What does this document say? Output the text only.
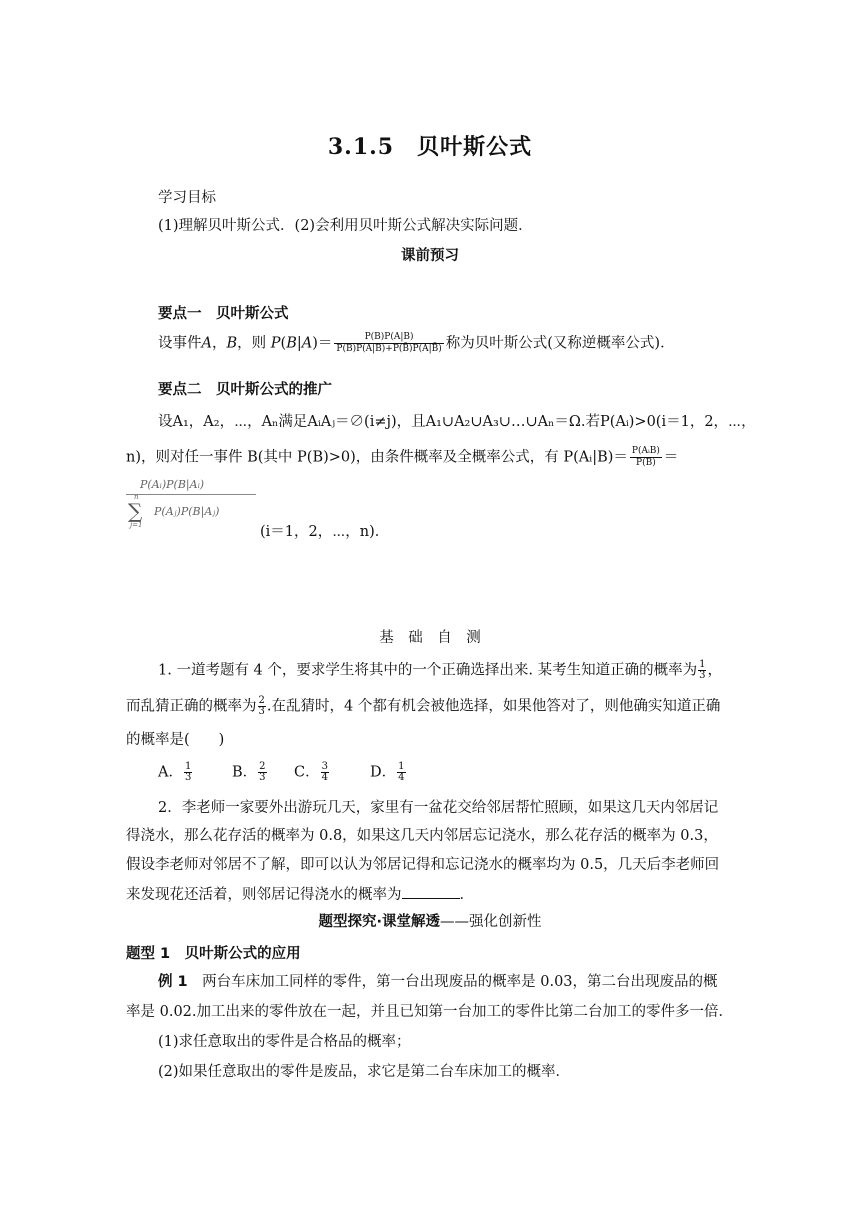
3.1.5　贝叶斯公式
学习目标
(1)理解贝叶斯公式．(2)会利用贝叶斯公式解决实际问题．
课前预习
要点一　贝叶斯公式
设事件A，B，则 $P(B|A)= \frac{P(B)P(A|B)}{P(B)P(A|B)+P(B̄)P(A|B̄)}$ 称为贝叶斯公式(又称逆概率公式)．
要点二　贝叶斯公式的推广
设A₁，A₂，⋯，Aₙ满足AᵢAⱼ＝∅(i≠j)，且A₁∪A₂∪A₃∪…∪Aₙ＝Ω.若P(Aᵢ)>0(i＝1，2，⋯，
n)，则对任一事件 B(其中 P(B)>0)，由条件概率及全概率公式，有 P(Aᵢ|B)＝ $\frac{\text{P(AᵢB)}}{P(B)}$ ＝
P(Aᵢ)P(B|Aᵢ)
n
∑
j=1
P(Aⱼ)P(B|Aⱼ) (i＝1，2，⋯，n)．
基　础　自　测
1. 一道考题有 4 个，要求学生将其中的一个正确选择出来. 某考生知道正确的概率为 $\frac{1}{3}$ ，
而乱猜正确的概率为 $\frac{2}{3}$ .在乱猜时，4 个都有机会被他选择，如果他答对了，则他确实知道正确
的概率是(　　)
A． $\frac{1}{3}$	B． $\frac{2}{3}$ C． $\frac{3}{4}$	D． $\frac{1}{4}$
2．李老师一家要外出游玩几天，家里有一盆花交给邻居帮忙照顾，如果这几天内邻居记
得浇水，那么花存活的概率为 0.8，如果这几天内邻居忘记浇水，那么花存活的概率为 0.3，
假设李老师对邻居不了解，即可以认为邻居记得和忘记浇水的概率均为 0.5，几天后李老师回
来发现花还活着，则邻居记得浇水的概率为	．
题型探究·课堂解透——强化创新性
题型 1　贝叶斯公式的应用
例 1　两台车床加工同样的零件，第一台出现废品的概率是 0.03，第二台出现废品的概
率是 0.02.加工出来的零件放在一起，并且已知第一台加工的零件比第二台加工的零件多一倍．
(1)求任意取出的零件是合格品的概率；
(2)如果任意取出的零件是废品，求它是第二台车床加工的概率．
